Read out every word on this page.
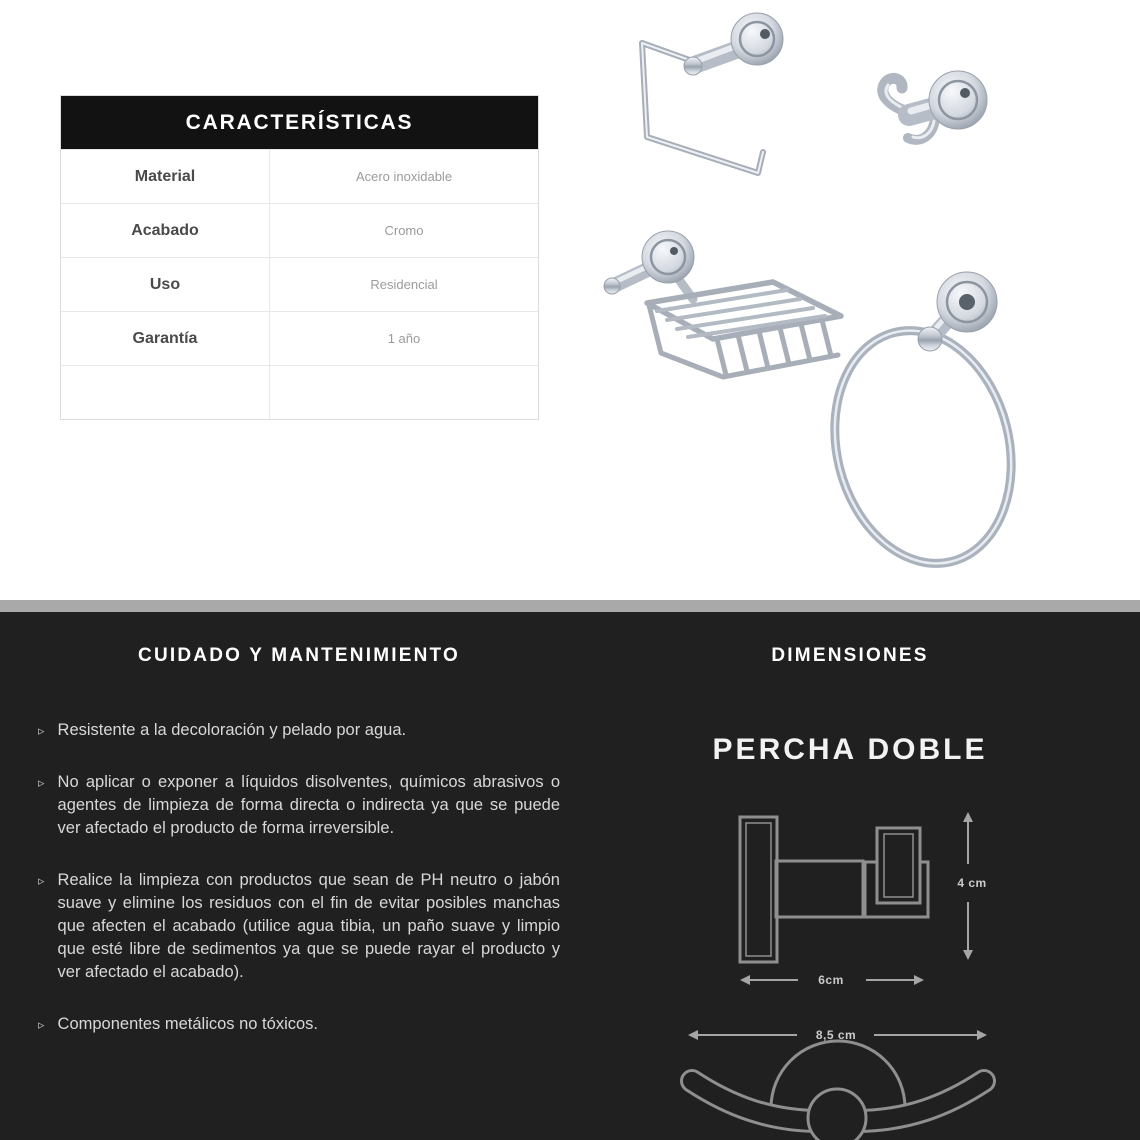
CARACTERÍSTICAS
Material	Acero inoxidable
Acabado	Cromo
Uso	Residencial
Garantía	1 año
CUIDADO Y MANTENIMIENTO
▹ Resistente a la decoloración y pelado por agua.

▹ No aplicar o exponer a líquidos disolventes, químicos abrasivos o agentes de limpieza de forma directa o indirecta ya que se puede ver afectado el producto de forma irreversible.

▹ Realice la limpieza con productos que sean de PH neutro o jabón suave y elimine los residuos con el fin de evitar posibles manchas que afecten el acabado (utilice agua tibia, un paño suave y limpio que esté libre de sedimentos ya que se puede rayar el producto y ver afectado el acabado).

▹ Componentes metálicos no tóxicos.

DIMENSIONES
PERCHA DOBLE
4 cm
6cm
8,5 cm
